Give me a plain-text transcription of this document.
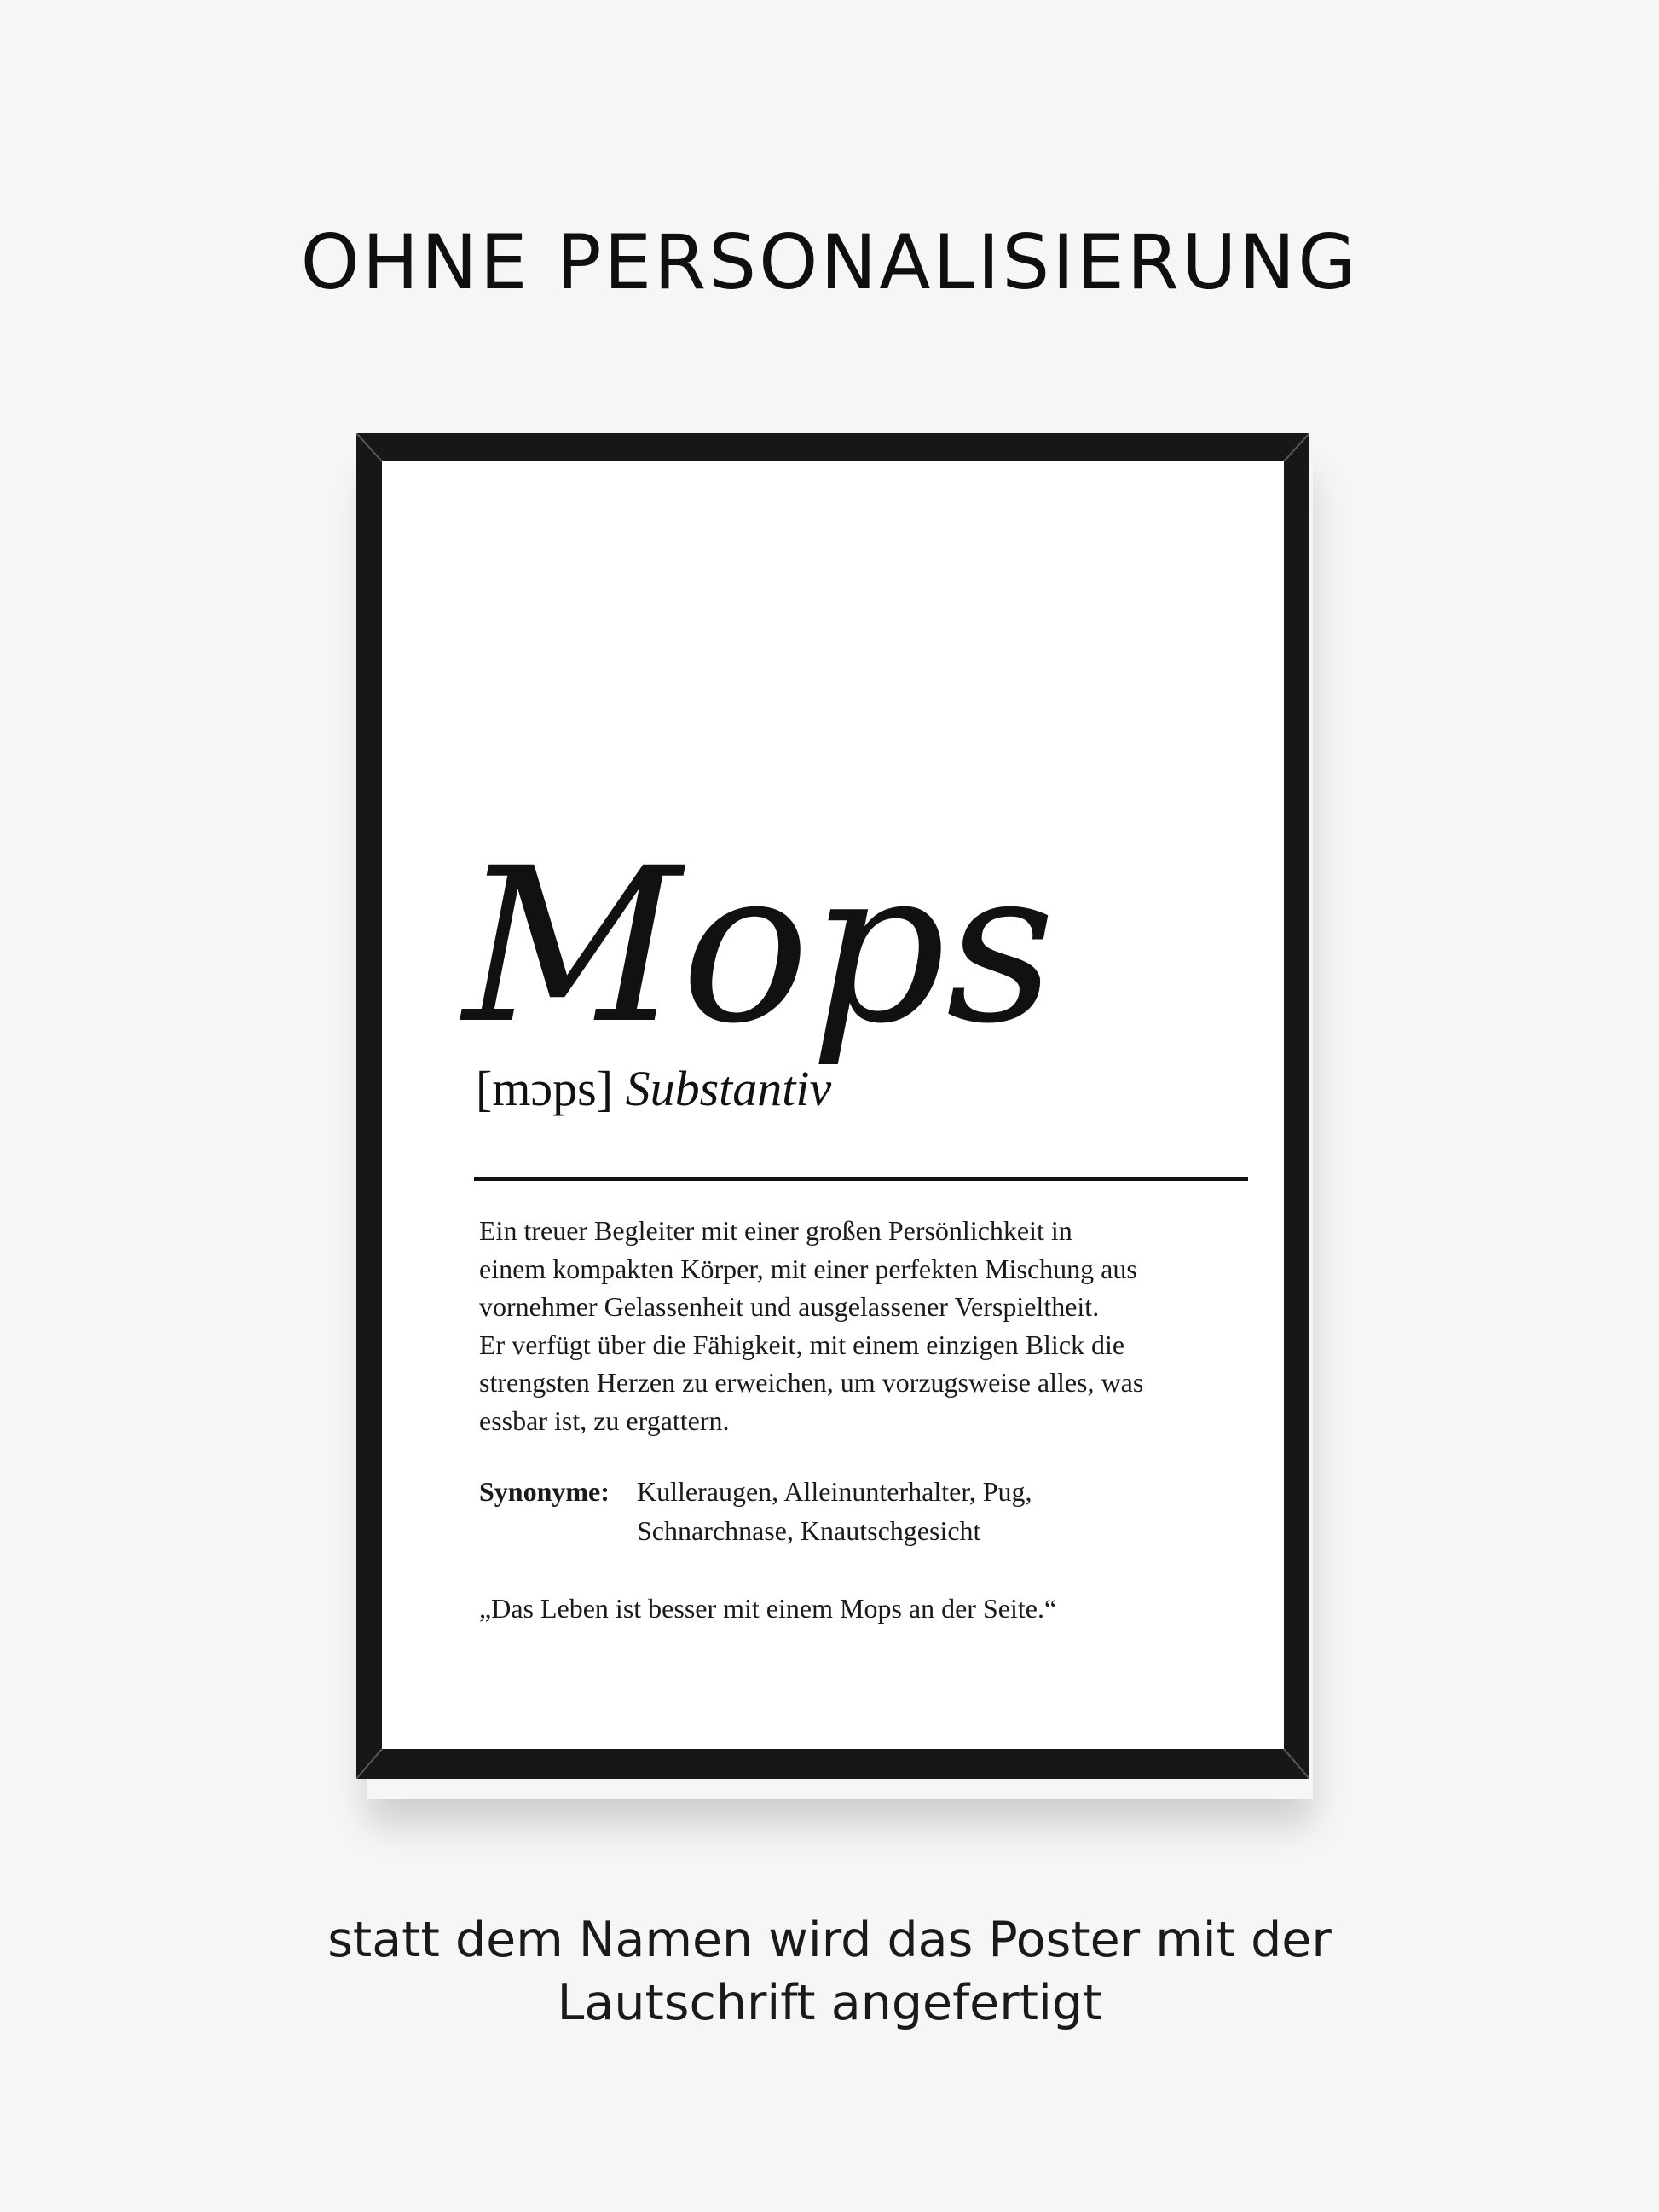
OHNE PERSONALISIERUNG
Mops
[mɔps] Substantiv
Ein treuer Begleiter mit einer großen Persönlichkeit in
einem kompakten Körper, mit einer perfekten Mischung aus
vornehmer Gelassenheit und ausgelassener Verspieltheit.
Er verfügt über die Fähigkeit, mit einem einzigen Blick die
strengsten Herzen zu erweichen, um vorzugsweise alles, was
essbar ist, zu ergattern.
Synonyme:	Kulleraugen, Alleinunterhalter, Pug,
Schnarchnase, Knautschgesicht
„Das Leben ist besser mit einem Mops an der Seite.“

statt dem Namen wird das Poster mit der
Lautschrift angefertigt
